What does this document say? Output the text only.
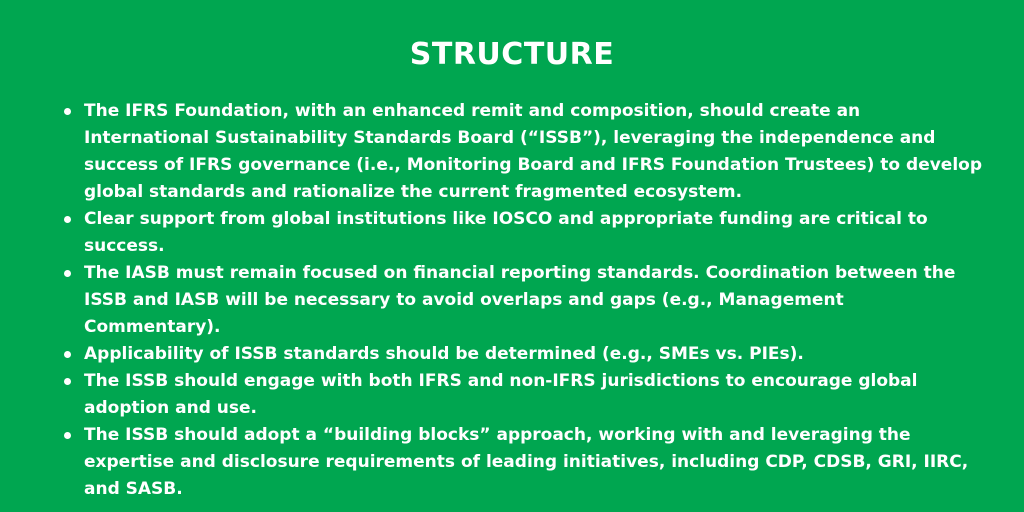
STRUCTURE
The IFRS Foundation, with an enhanced remit and composition, should create an International Sustainability Standards Board (“ISSB”), leveraging the independence and success of IFRS governance (i.e., Monitoring Board and IFRS Foundation Trustees) to develop global standards and rationalize the current fragmented ecosystem.
Clear support from global institutions like IOSCO and appropriate funding are critical to success.
The IASB must remain focused on financial reporting standards. Coordination between the ISSB and IASB will be necessary to avoid overlaps and gaps (e.g., Management Commentary).
Applicability of ISSB standards should be determined (e.g., SMEs vs. PIEs).
The ISSB should engage with both IFRS and non-IFRS jurisdictions to encourage global adoption and use.
The ISSB should adopt a “building blocks” approach, working with and leveraging the expertise and disclosure requirements of leading initiatives, including CDP, CDSB, GRI, IIRC, and SASB.
